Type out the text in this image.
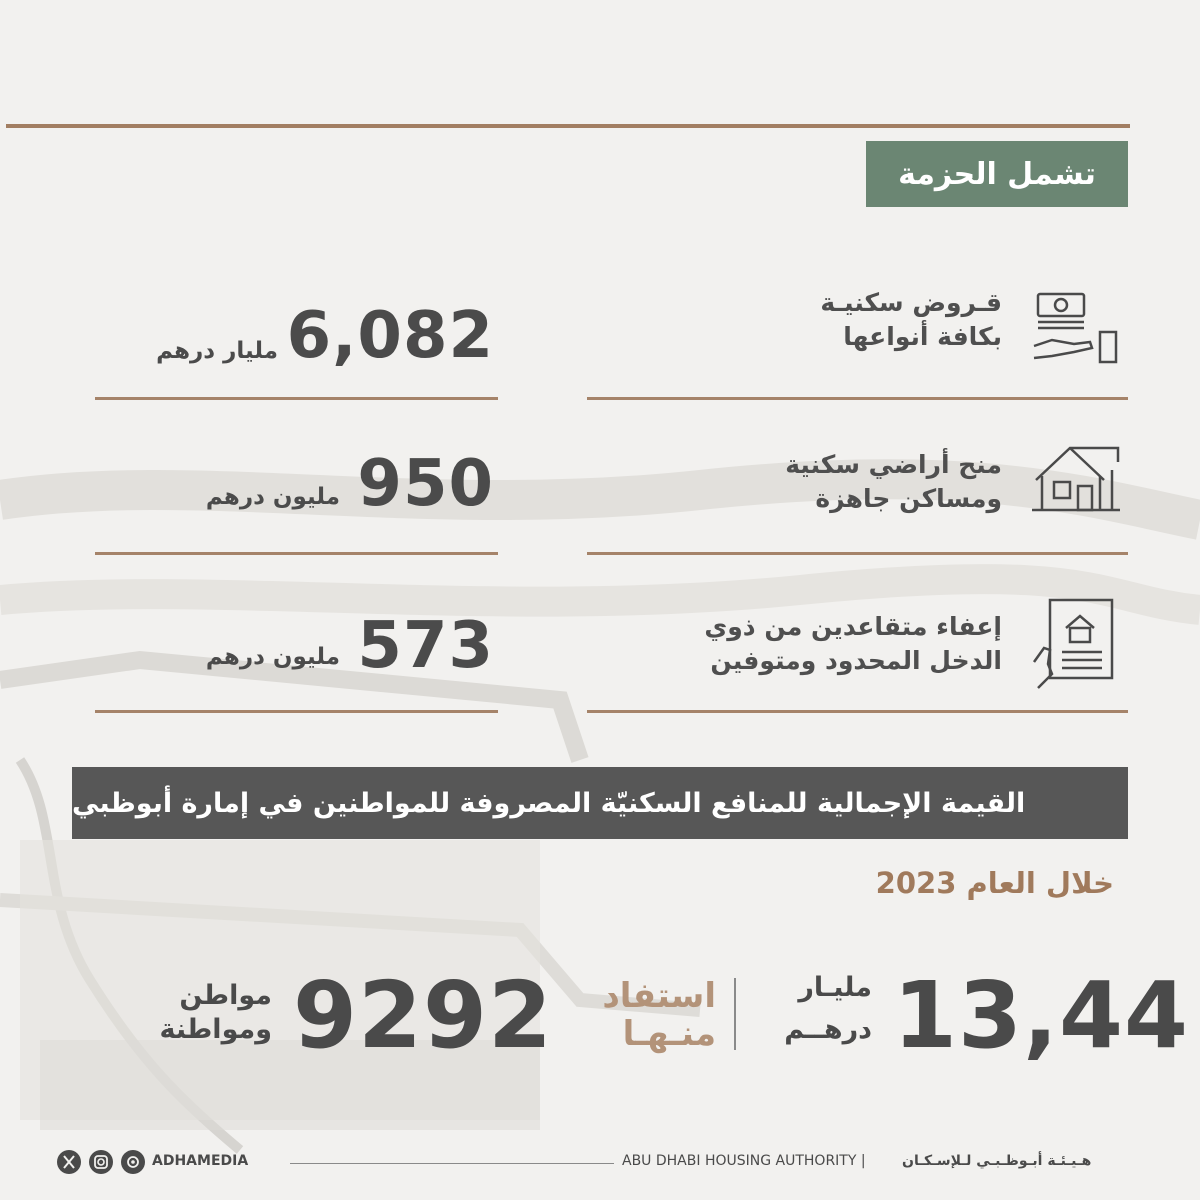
تشمل الحزمة
قـروض سكنيـة
بكافة أنواعها
6,082
مليار درهم
منح أراضي سكنية
ومساكن جاهزة
950
مليون درهم
إعفاء متقاعدين من ذوي
الدخل المحدود ومتوفين
573
مليون درهم
القيمة الإجمالية للمنافع السكنيّة المصروفة للمواطنين في إمارة أبوظبي
خلال العام 2023
13,44
مليـار
درهــم
استفاد
منـهـا
9292
مواطن
ومواطنة
ADHAMEDIA	ABU DHABI HOUSING AUTHORITY |	هـيـئـة أبـوظـبـي لـلإسـكـان
